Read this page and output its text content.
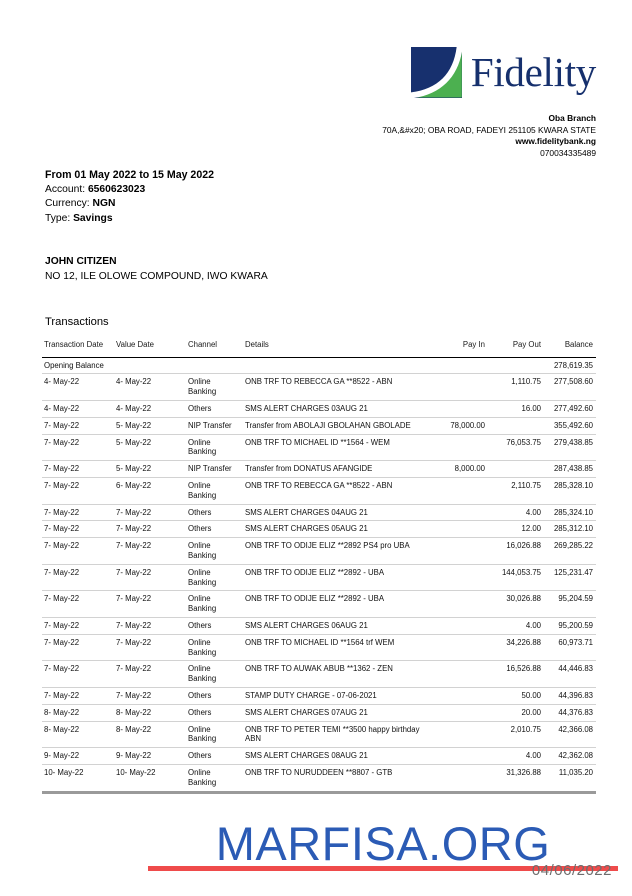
Fidelity
Oba Branch
70A,&#x20; OBA ROAD, FADEYI 251105 KWARA STATE
www.fidelitybank.ng
070034335489
From 01 May 2022 to 15 May 2022
Account: 6560623023
Currency: NGN
Type: Savings
JOHN CITIZEN
NO 12, ILE OLOWE COMPOUND, IWO KWARA
Transactions
Transaction Date	Value Date	Channel	Details	Pay In	Pay Out	Balance
Opening Balance						278,619.35
4- May-22	4- May-22	Online Banking	ONB TRF TO REBECCA GA **8522 - ABN		1,110.75	277,508.60
4- May-22	4- May-22	Others	SMS ALERT CHARGES 03AUG 21		16.00	277,492.60
7- May-22	5- May-22	NIP Transfer	Transfer from ABOLAJI GBOLAHAN GBOLADE	78,000.00		355,492.60
7- May-22	5- May-22	Online Banking	ONB TRF TO MICHAEL ID **1564 - WEM		76,053.75	279,438.85
7- May-22	5- May-22	NIP Transfer	Transfer from DONATUS AFANGIDE	8,000.00		287,438.85
7- May-22	6- May-22	Online Banking	ONB TRF TO REBECCA GA **8522 - ABN		2,110.75	285,328.10
7- May-22	7- May-22	Others	SMS ALERT CHARGES 04AUG 21		4.00	285,324.10
7- May-22	7- May-22	Others	SMS ALERT CHARGES 05AUG 21		12.00	285,312.10
7- May-22	7- May-22	Online Banking	ONB TRF TO ODIJE ELIZ **2892 PS4 pro UBA		16,026.88	269,285.22
7- May-22	7- May-22	Online Banking	ONB TRF TO ODIJE ELIZ **2892 - UBA		144,053.75	125,231.47
7- May-22	7- May-22	Online Banking	ONB TRF TO ODIJE ELIZ **2892 - UBA		30,026.88	95,204.59
7- May-22	7- May-22	Others	SMS ALERT CHARGES 06AUG 21		4.00	95,200.59
7- May-22	7- May-22	Online Banking	ONB TRF TO MICHAEL ID **1564 trf WEM		34,226.88	60,973.71
7- May-22	7- May-22	Online Banking	ONB TRF TO AUWAK ABUB **1362 - ZEN		16,526.88	44,446.83
7- May-22	7- May-22	Others	STAMP DUTY CHARGE - 07-06-2021		50.00	44,396.83
8- May-22	8- May-22	Others	SMS ALERT CHARGES 07AUG 21		20.00	44,376.83
8- May-22	8- May-22	Online Banking	ONB TRF TO PETER TEMI **3500 happy birthday ABN		2,010.75	42,366.08
9- May-22	9- May-22	Others	SMS ALERT CHARGES 08AUG 21		4.00	42,362.08
10- May-22	10- May-22	Online Banking	ONB TRF TO NURUDDEEN **8807 - GTB		31,326.88	11,035.20
MARFISA.ORG
04/06/2022
